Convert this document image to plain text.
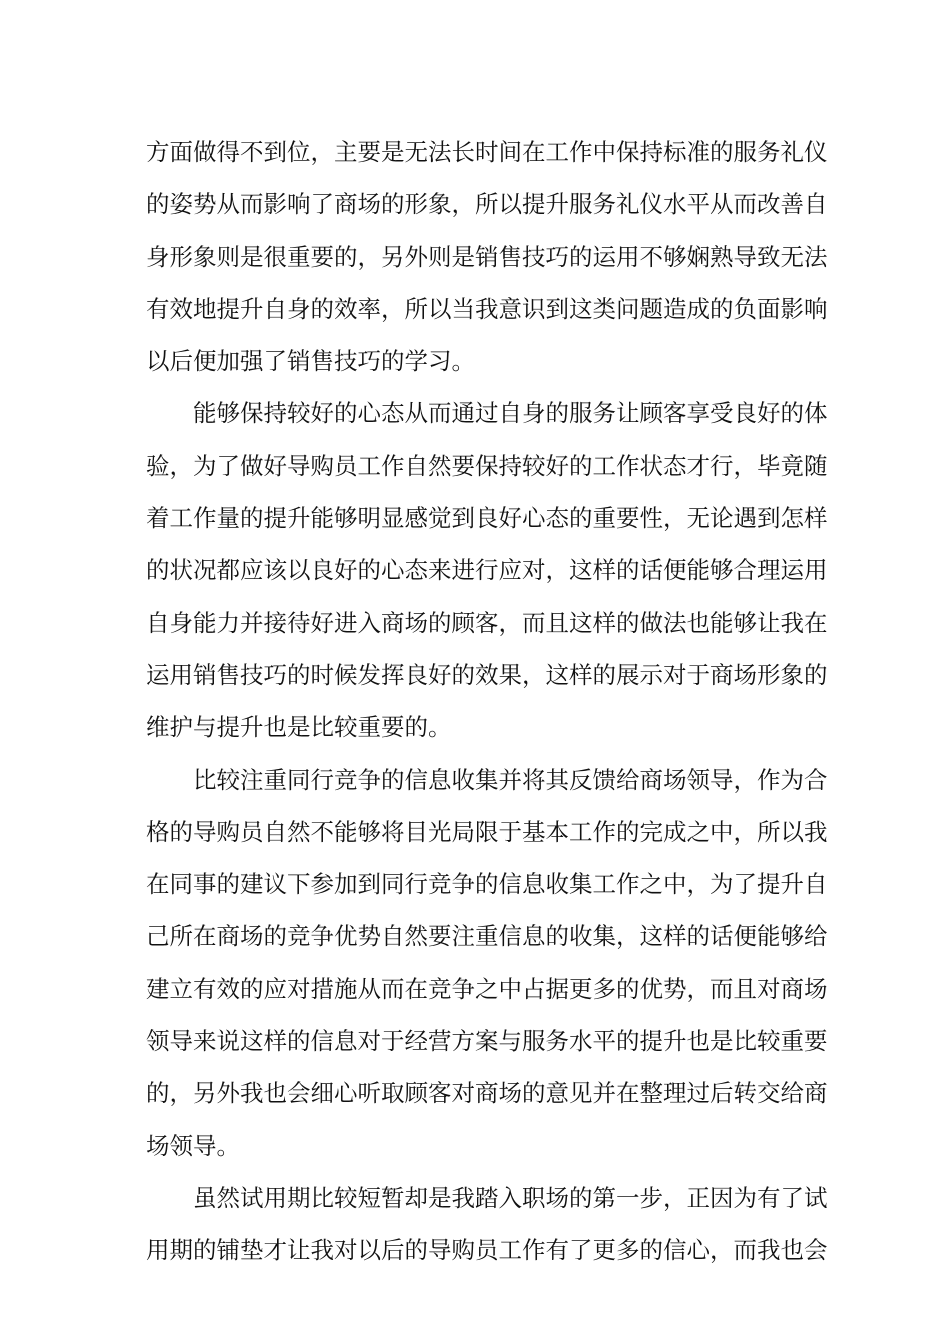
方 面 做 得 不 到 位 ， 主 要 是 无 法 长 时 间 在 工 作 中 保 持 标 准 的 服 务 礼 仪
的 姿 势 从 而 影 响 了 商 场 的 形 象 ， 所 以 提 升 服 务 礼 仪 水 平 从 而 改 善 自
身 形 象 则 是 很 重 要 的 ， 另 外 则 是 销 售 技 巧 的 运 用 不 够 娴 熟 导 致 无 法
有 效 地 提 升 自 身 的 效 率 ， 所 以 当 我 意 识 到 这 类 问 题 造 成 的 负 面 影 响
以后便加强了销售技巧的学习。
能 够 保 持 较 好 的 心 态 从 而 通 过 自 身 的 服 务 让 顾 客 享 受 良 好 的 体
验 ， 为 了 做 好 导 购 员 工 作 自 然 要 保 持 较 好 的 工 作 状 态 才 行 ， 毕 竟 随
着 工 作 量 的 提 升 能 够 明 显 感 觉 到 良 好 心 态 的 重 要 性 ， 无 论 遇 到 怎 样
的 状 况 都 应 该 以 良 好 的 心 态 来 进 行 应 对 ， 这 样 的 话 便 能 够 合 理 运 用
自 身 能 力 并 接 待 好 进 入 商 场 的 顾 客 ， 而 且 这 样 的 做 法 也 能 够 让 我 在
运 用 销 售 技 巧 的 时 候 发 挥 良 好 的 效 果 ， 这 样 的 展 示 对 于 商 场 形 象 的
维护与提升也是比较重要的。
比 较 注 重 同 行 竞 争 的 信 息 收 集 并 将 其 反 馈 给 商 场 领 导 ， 作 为 合
格 的 导 购 员 自 然 不 能 够 将 目 光 局 限 于 基 本 工 作 的 完 成 之 中 ， 所 以 我
在 同 事 的 建 议 下 参 加 到 同 行 竞 争 的 信 息 收 集 工 作 之 中 ， 为 了 提 升 自
己 所 在 商 场 的 竞 争 优 势 自 然 要 注 重 信 息 的 收 集 ， 这 样 的 话 便 能 够 给
建 立 有 效 的 应 对 措 施 从 而 在 竞 争 之 中 占 据 更 多 的 优 势 ， 而 且 对 商 场
领 导 来 说 这 样 的 信 息 对 于 经 营 方 案 与 服 务 水 平 的 提 升 也 是 比 较 重 要
的 ， 另 外 我 也 会 细 心 听 取 顾 客 对 商 场 的 意 见 并 在 整 理 过 后 转 交 给 商
场领导。
虽 然 试 用 期 比 较 短 暂 却 是 我 踏 入 职 场 的 第 一 步 ， 正 因 为 有 了 试
用 期 的 铺 垫 才 让 我 对 以 后 的 导 购 员 工 作 有 了 更 多 的 信 心 ， 而 我 也 会
